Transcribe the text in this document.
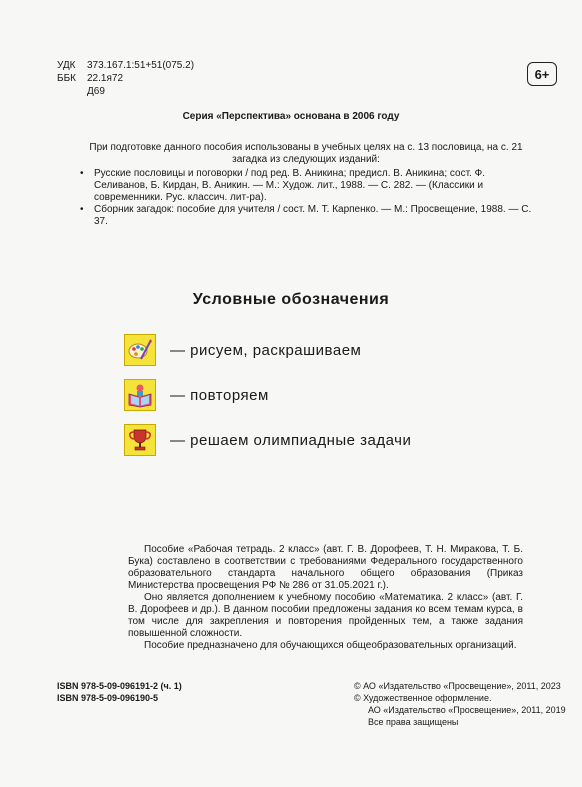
УДК	373.167.1:51+51(075.2)
ББК	22.1я72
Д69
6+
Серия «Перспектива» основана в 2006 году
При подготовке данного пособия использованы в учебных целях на с. 13 пословица, на с. 21 загадка из следующих изданий:
•	Русские пословицы и поговорки / под ред. В. Аникина; предисл. В. Аникина; сост. Ф. Селиванов, Б. Кирдан, В. Аникин. — М.: Худож. лит., 1988. — С. 282. — (Классики и современники. Рус. классич. лит-ра).
•	Сборник загадок: пособие для учителя / сост. М. Т. Карпенко. — М.: Просвещение, 1988. — С. 37.
Условные обозначения
— рисуем, раскрашиваем
— повторяем
— решаем олимпиадные задачи

Пособие «Рабочая тетрадь. 2 класс» (авт. Г. В. Дорофеев, Т. Н. Миракова, Т. Б. Бука) составлено в соответствии с требованиями Федерального государственного образовательного стандарта начального общего образования (Приказ Министерства просвещения РФ № 286 от 31.05.2021 г.).

Оно является дополнением к учебному пособию «Математика. 2 класс» (авт. Г. В. Дорофеев и др.). В данном пособии предложены задания ко всем темам курса, в том числе для закрепления и повторения пройденных тем, а также задания повышенной сложности.

Пособие предназначено для обучающихся общеобразовательных организаций.

ISBN 978-5-09-096191-2 (ч. 1)
ISBN 978-5-09-096190-5
© АО «Издательство «Просвещение», 2011, 2023
© Художественное оформление.
АО «Издательство «Просвещение», 2011, 2019
Все права защищены
